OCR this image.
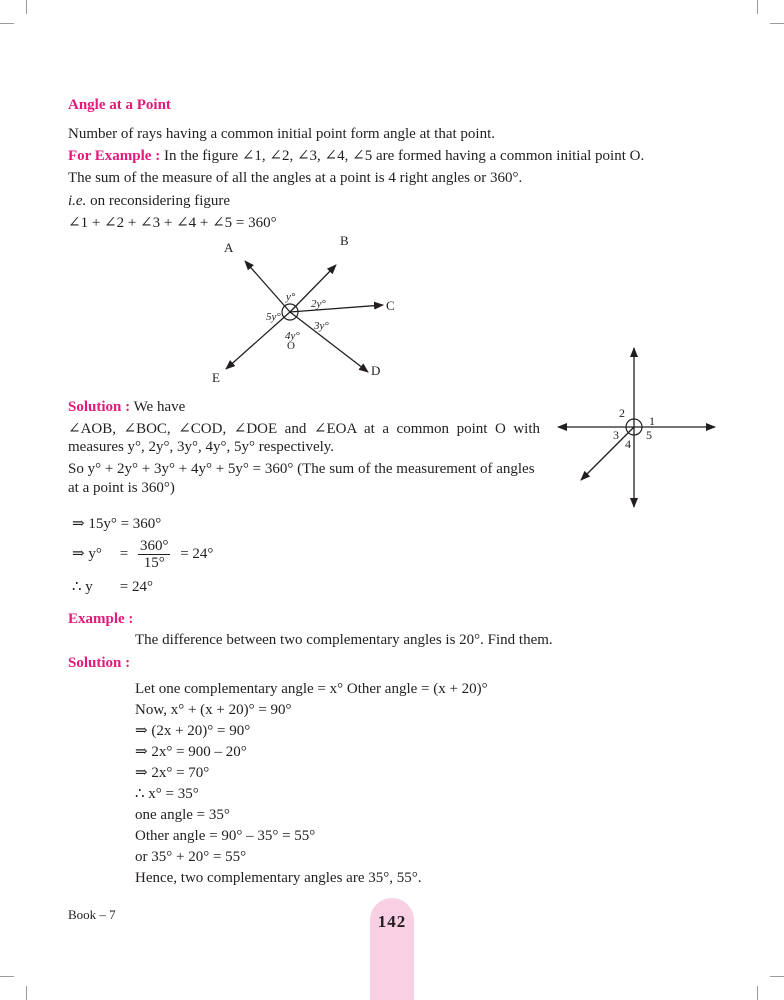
Angle at a Point
Number of rays having a common initial point form angle at that point.
For Example : In the figure ∠1, ∠2, ∠3, ∠4, ∠5 are formed having a common initial point O.
The sum of the measure of all the angles at a point is 4 right angles or 360°.
i.e. on reconsidering figure
∠1 + ∠2 + ∠3 + ∠4 + ∠5 = 360°
A	B
C
D
E
y°
2y°
3y°
4y°
5y°
O
1
2
3
4
5
Solution : We have
∠AOB, ∠BOC, ∠COD, ∠DOE and ∠EOA at a common point O with
measures y°, 2y°, 3y°, 4y°, 5y° respectively.
So y° + 2y° + 3y° + 4y° + 5y° = 360° (The sum of the measurement of angles
at a point is 360°)
⇒ 15y° = 360°
⇒ $y^\circ = \frac{360^\circ}{15^\circ} = 24^\circ$
∴ y = 24°
Example :
The difference between two complementary angles is 20°. Find them.
Solution :
Let one complementary angle = x° Other angle = (x + 20)°
Now, x° + (x + 20)° = 90°
⇒ (2x + 20)° = 90°
⇒ 2x° = 900 – 20°
⇒ 2x° = 70°
∴ x° = 35°
one angle = 35°
Other angle = 90° – 35° = 55°
or 35° + 20° = 55°
Hence, two complementary angles are 35°, 55°.
Book – 7	142
